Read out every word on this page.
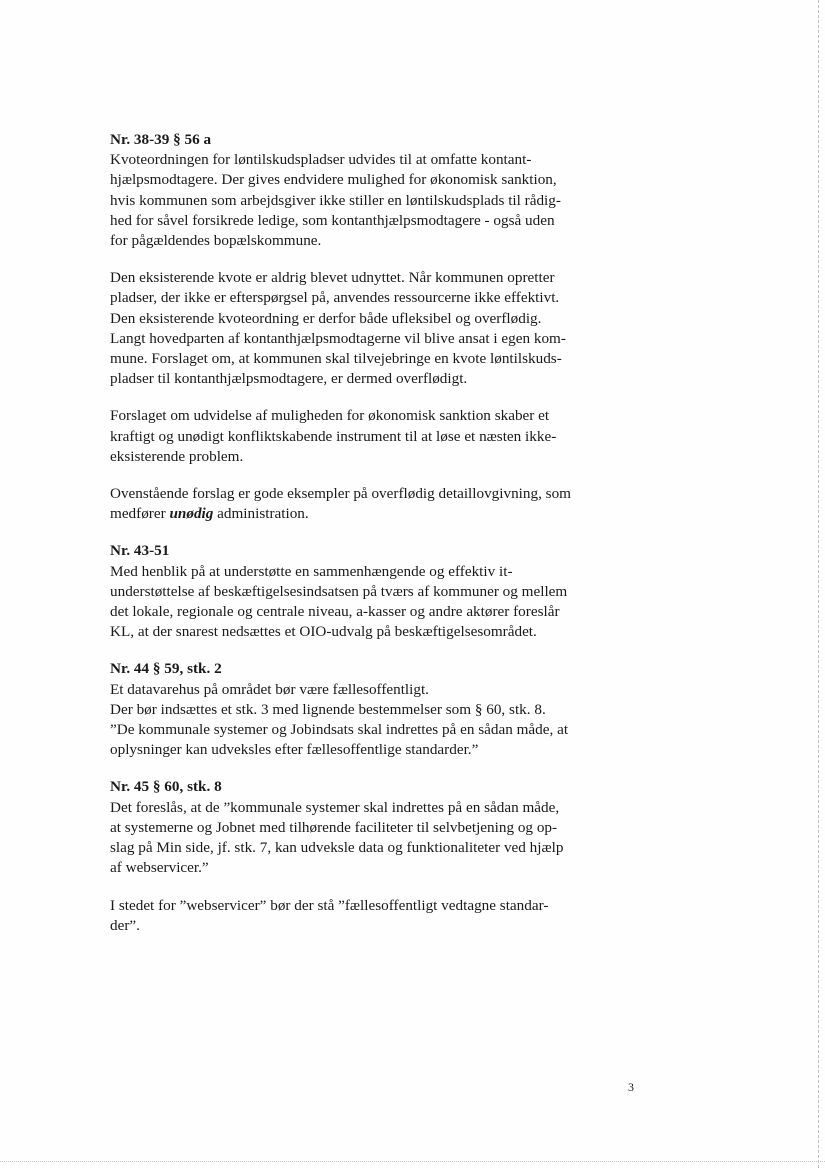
Nr. 38-39 § 56 a
Kvoteordningen for løntilskudspladser udvides til at omfatte kontant-
hjælpsmodtagere. Der gives endvidere mulighed for økonomisk sanktion,
hvis kommunen som arbejdsgiver ikke stiller en løntilskudsplads til rådig-
hed for såvel forsikrede ledige, som kontanthjælpsmodtagere - også uden
for pågældendes bopælskommune.
Den eksisterende kvote er aldrig blevet udnyttet. Når kommunen opretter
pladser, der ikke er efterspørgsel på, anvendes ressourcerne ikke effektivt.
Den eksisterende kvoteordning er derfor både ufleksibel og overflødig.
Langt hovedparten af kontanthjælpsmodtagerne vil blive ansat i egen kom-
mune. Forslaget om, at kommunen skal tilvejebringe en kvote løntilskuds-
pladser til kontanthjælpsmodtagere, er dermed overflødigt.
Forslaget om udvidelse af muligheden for økonomisk sanktion skaber et
kraftigt og unødigt konfliktskabende instrument til at løse et næsten ikke-
eksisterende problem.
Ovenstående forslag er gode eksempler på overflødig detaillovgivning, som
medfører unødig administration.
Nr. 43-51
Med henblik på at understøtte en sammenhængende og effektiv it-
understøttelse af beskæftigelsesindsatsen på tværs af kommuner og mellem
det lokale, regionale og centrale niveau, a-kasser og andre aktører foreslår
KL, at der snarest nedsættes et OIO-udvalg på beskæftigelsesområdet.
Nr. 44 § 59, stk. 2
Et datavarehus på området bør være fællesoffentligt.
Der bør indsættes et stk. 3 med lignende bestemmelser som § 60, stk. 8.
”De kommunale systemer og Jobindsats skal indrettes på en sådan måde, at
oplysninger kan udveksles efter fællesoffentlige standarder.”
Nr. 45 § 60, stk. 8
Det foreslås, at de ”kommunale systemer skal indrettes på en sådan måde,
at systemerne og Jobnet med tilhørende faciliteter til selvbetjening og op-
slag på Min side, jf. stk. 7, kan udveksle data og funktionaliteter ved hjælp
af webservicer.”
I stedet for ”webservicer” bør der stå ”fællesoffentligt vedtagne standar-
der”.
3
